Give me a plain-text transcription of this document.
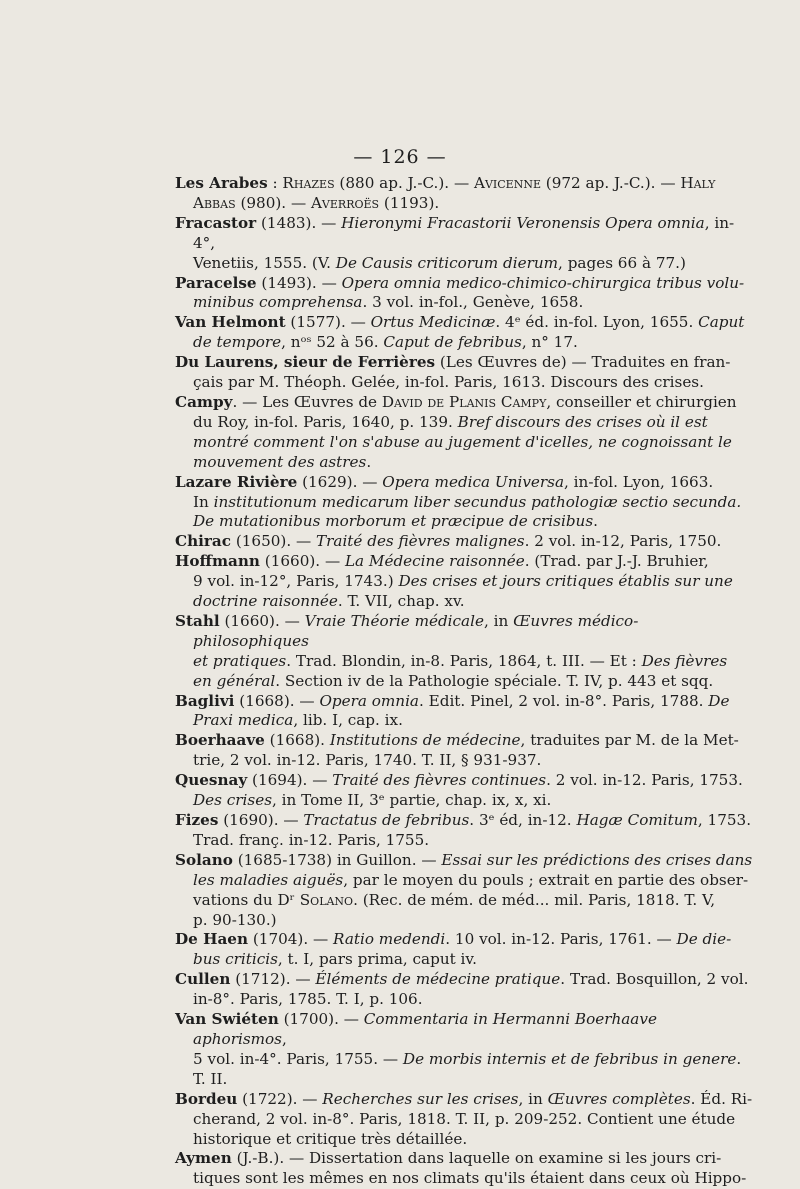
— 126 —

Les Arabes : Rhazes (880 ap. J.-C.). — Avicenne (972 ap. J.-C.). — Haly
Abbas (980). — Averroës (1193).

Fracastor (1483). — Hieronymi Fracastorii Veronensis Opera omnia, in-4°,
Venetiis, 1555. (V. De Causis criticorum dierum, pages 66 à 77.)

Paracelse (1493). — Opera omnia medico-chimico-chirurgica tribus volu-
minibus comprehensa. 3 vol. in-fol., Genève, 1658.

Van Helmont (1577). — Ortus Medicinæ. 4ᵉ éd. in-fol. Lyon, 1655. Caput
de tempore, nᵒˢ 52 à 56. Caput de febribus, n° 17.

Du Laurens, sieur de Ferrières (Les Œuvres de) — Traduites en fran-
çais par M. Théoph. Gelée, in-fol. Paris, 1613. Discours des crises.

Campy. — Les Œuvres de David de Planis Campy, conseiller et chirurgien
du Roy, in-fol. Paris, 1640, p. 139. Bref discours des crises où il est
montré comment l'on s'abuse au jugement d'icelles, ne cognoissant le
mouvement des astres.

Lazare Rivière (1629). — Opera medica Universa, in-fol. Lyon, 1663.
In institutionum medicarum liber secundus pathologiæ sectio secunda.
De mutationibus morborum et præcipue de crisibus.

Chirac (1650). — Traité des fièvres malignes. 2 vol. in-12, Paris, 1750.

Hoffmann (1660). — La Médecine raisonnée. (Trad. par J.-J. Bruhier,
9 vol. in-12°, Paris, 1743.) Des crises et jours critiques établis sur une
doctrine raisonnée. T. VII, chap. xv.

Stahl (1660). — Vraie Théorie médicale, in Œuvres médico-philosophiques
et pratiques. Trad. Blondin, in-8. Paris, 1864, t. III. — Et : Des fièvres
en général. Section iv de la Pathologie spéciale. T. IV, p. 443 et sqq.

Baglivi (1668). — Opera omnia. Edit. Pinel, 2 vol. in-8°. Paris, 1788. De
Praxi medica, lib. I, cap. ix.

Boerhaave (1668). Institutions de médecine, traduites par M. de la Met-
trie, 2 vol. in-12. Paris, 1740. T. II, § 931-937.

Quesnay (1694). — Traité des fièvres continues. 2 vol. in-12. Paris, 1753.
Des crises, in Tome II, 3ᵉ partie, chap. ix, x, xi.

Fizes (1690). — Tractatus de febribus. 3ᵉ éd, in-12. Hagæ Comitum, 1753.
Trad. franç. in-12. Paris, 1755.

Solano (1685-1738) in Guillon. — Essai sur les prédictions des crises dans
les maladies aiguës, par le moyen du pouls ; extrait en partie des obser-
vations du Dʳ Solano. (Rec. de mém. de méd... mil. Paris, 1818. T. V,
p. 90-130.)

De Haen (1704). — Ratio medendi. 10 vol. in-12. Paris, 1761. — De die-
bus criticis, t. I, pars prima, caput iv.

Cullen (1712). — Éléments de médecine pratique. Trad. Bosquillon, 2 vol.
in-8°. Paris, 1785. T. I, p. 106.

Van Swiéten (1700). — Commentaria in Hermanni Boerhaave aphorismos,
5 vol. in-4°. Paris, 1755. — De morbis internis et de febribus in genere.
T. II.

Bordeu (1722). — Recherches sur les crises, in Œuvres complètes. Éd. Ri-
cherand, 2 vol. in-8°. Paris, 1818. T. II, p. 209-252. Contient une étude
historique et critique très détaillée.

Aymen (J.-B.). — Dissertation dans laquelle on examine si les jours cri-
tiques sont les mêmes en nos climats qu'ils étaient dans ceux où Hippo-
